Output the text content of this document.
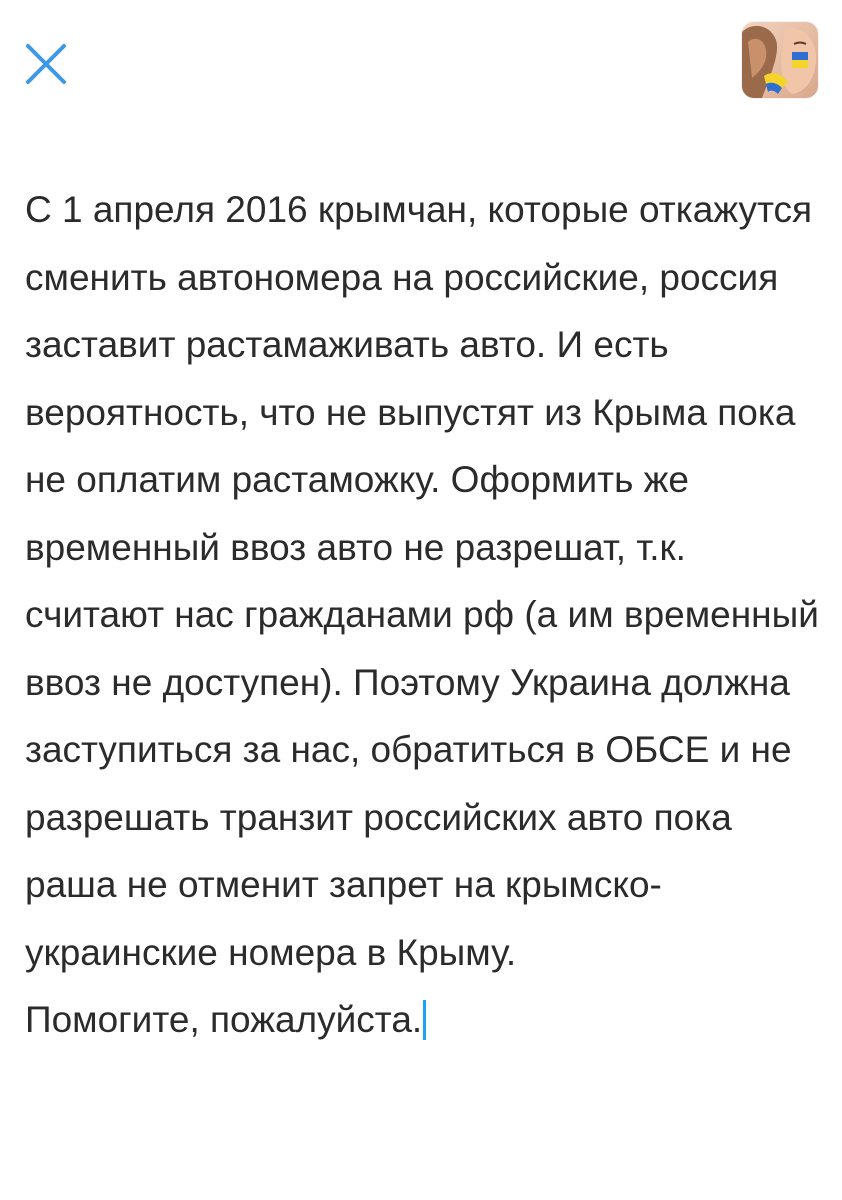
С 1 апреля 2016 крымчан, которые откажутся сменить автономера на российские, россия заставит растамаживать авто. И есть вероятность, что не выпустят из Крыма пока не оплатим растаможку. Оформить же временный ввоз авто не разрешат, т.к. считают нас гражданами рф (а им временный ввоз не доступен). Поэтому Украина должна заступиться за нас, обратиться в ОБСЕ и не разрешать транзит российских авто пока раша не отменит запрет на крымско-украинские номера в Крыму.
Помогите, пожалуйста.
